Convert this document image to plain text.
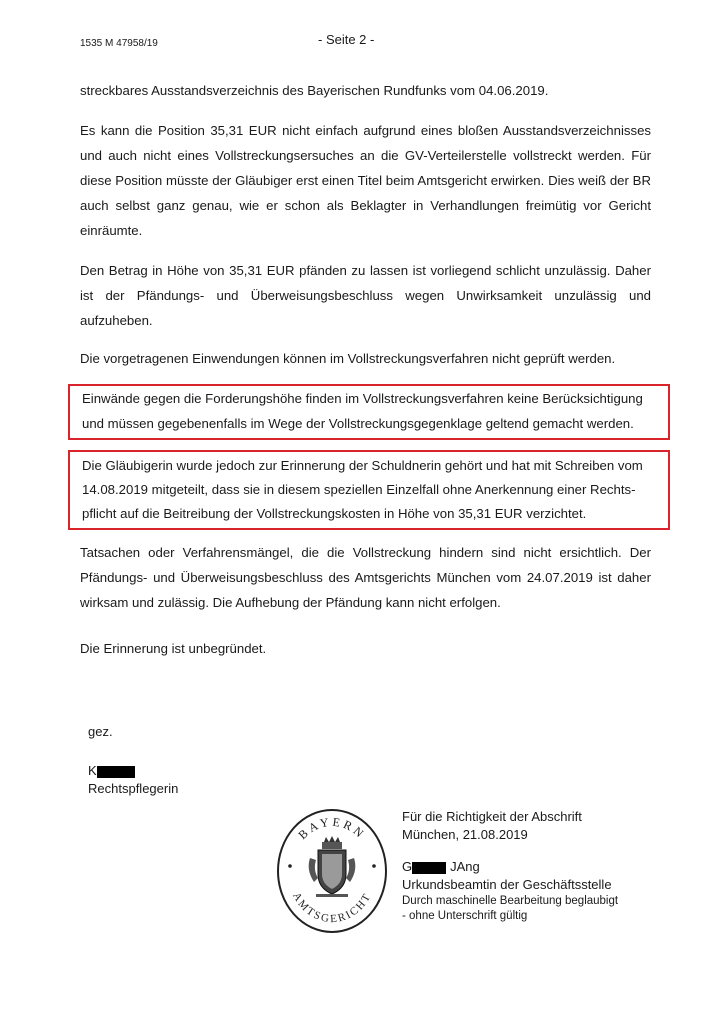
1535 M 47958/19	- Seite 2 -
streckbares Ausstandsverzeichnis des Bayerischen Rundfunks vom 04.06.2019.
Es kann die Position 35,31 EUR nicht einfach aufgrund eines bloßen Ausstandsverzeichnisses und auch nicht eines Vollstreckungsersuches an die GV-Verteilerstelle vollstreckt werden. Für diese Position müsste der Gläubiger erst einen Titel beim Amtsgericht erwirken. Dies weiß der BR auch selbst ganz genau, wie er schon als Beklagter in Verhandlungen freimütig vor Gericht einräumte.
Den Betrag in Höhe von 35,31 EUR pfänden zu lassen ist vorliegend schlicht unzulässig. Daher ist der Pfändungs- und Überweisungsbeschluss wegen Unwirksamkeit unzulässig und aufzuheben.
Die vorgetragenen Einwendungen können im Vollstreckungsverfahren nicht geprüft werden.
Einwände gegen die Forderungshöhe finden im Vollstreckungsverfahren keine Berücksichtigung
und müssen gegebenenfalls im Wege der Vollstreckungsgegenklage geltend gemacht werden.
Die Gläubigerin wurde jedoch zur Erinnerung der Schuldnerin gehört und hat mit Schreiben vom
14.08.2019 mitgeteilt, dass sie in diesem speziellen Einzelfall ohne Anerkennung einer Rechts-
pflicht auf die Beitreibung der Vollstreckungskosten in Höhe von 35,31 EUR verzichtet.
Tatsachen oder Verfahrensmängel, die die Vollstreckung hindern sind nicht ersichtlich. Der Pfändungs- und Überweisungsbeschluss des Amtsgerichts München vom 24.07.2019 ist daher wirksam und zulässig. Die Aufhebung der Pfändung kann nicht erfolgen.
Die Erinnerung ist unbegründet.
gez.
K
Rechtspflegerin
BAYERN
AMTSGERICHT
Für die Richtigkeit der Abschrift
München, 21.08.2019
G	JAng
Urkundsbeamtin der Geschäftsstelle
Durch maschinelle Bearbeitung beglaubigt
- ohne Unterschrift gültig
